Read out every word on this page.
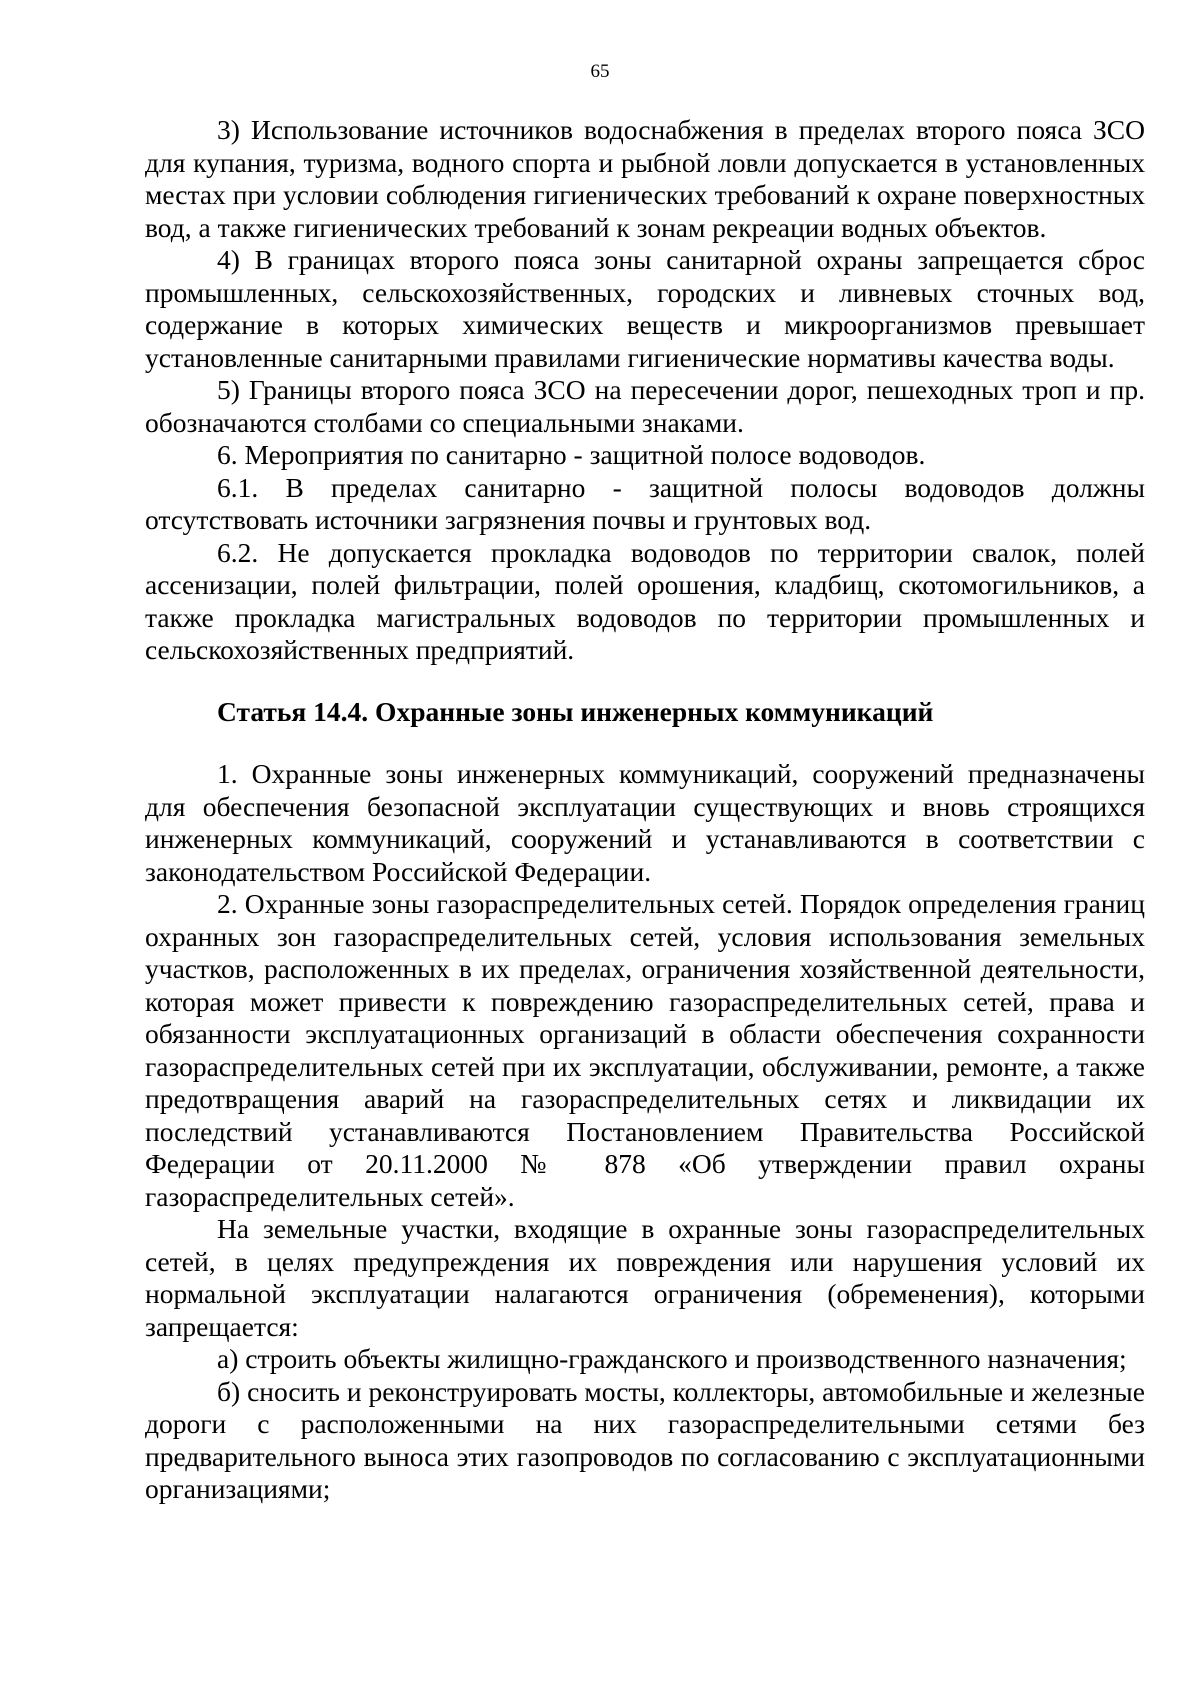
65

3) Использование источников водоснабжения в пределах второго пояса ЗСО для купания, туризма, водного спорта и рыбной ловли допускается в установленных местах при условии соблюдения гигиенических требований к охране поверхностных вод, а также гигиенических требований к зонам рекреации водных объектов.

4) В границах второго пояса зоны санитарной охраны запрещается сброс промышленных, сельскохозяйственных, городских и ливневых сточных вод, содержание в которых химических веществ и микроорганизмов превышает установленные санитарными правилами гигиенические нормативы качества воды.

5) Границы второго пояса ЗСО на пересечении дорог, пешеходных троп и пр. обозначаются столбами со специальными знаками.

6. Мероприятия по санитарно - защитной полосе водоводов.

6.1. В пределах санитарно - защитной полосы водоводов должны отсутствовать источники загрязнения почвы и грунтовых вод.

6.2. Не допускается прокладка водоводов по территории свалок, полей ассенизации, полей фильтрации, полей орошения, кладбищ, скотомогильников, а также прокладка магистральных водоводов по территории промышленных и сельскохозяйственных предприятий.

Статья 14.4. Охранные зоны инженерных коммуникаций

1. Охранные зоны инженерных коммуникаций, сооружений предназначены для обеспечения безопасной эксплуатации существующих и вновь строящихся инженерных коммуникаций, сооружений и устанавливаются в соответствии с законодательством Российской Федерации.

2. Охранные зоны газораспределительных сетей. Порядок определения границ охранных зон газораспределительных сетей, условия использования земельных участков, расположенных в их пределах, ограничения хозяйственной деятельности, которая может привести к повреждению газораспределительных сетей, права и обязанности эксплуатационных организаций в области обеспечения сохранности газораспределительных сетей при их эксплуатации, обслуживании, ремонте, а также предотвращения аварий на газораспределительных сетях и ликвидации их последствий устанавливаются Постановлением Правительства Российской Федерации от 20.11.2000 № 878 «Об утверждении правил охраны газораспределительных сетей».

На земельные участки, входящие в охранные зоны газораспределительных сетей, в целях предупреждения их повреждения или нарушения условий их нормальной эксплуатации налагаются ограничения (обременения), которыми запрещается:

а) строить объекты жилищно-гражданского и производственного назначения;

б) сносить и реконструировать мосты, коллекторы, автомобильные и железные дороги с расположенными на них газораспределительными сетями без предварительного выноса этих газопроводов по согласованию с эксплуатационными организациями;
